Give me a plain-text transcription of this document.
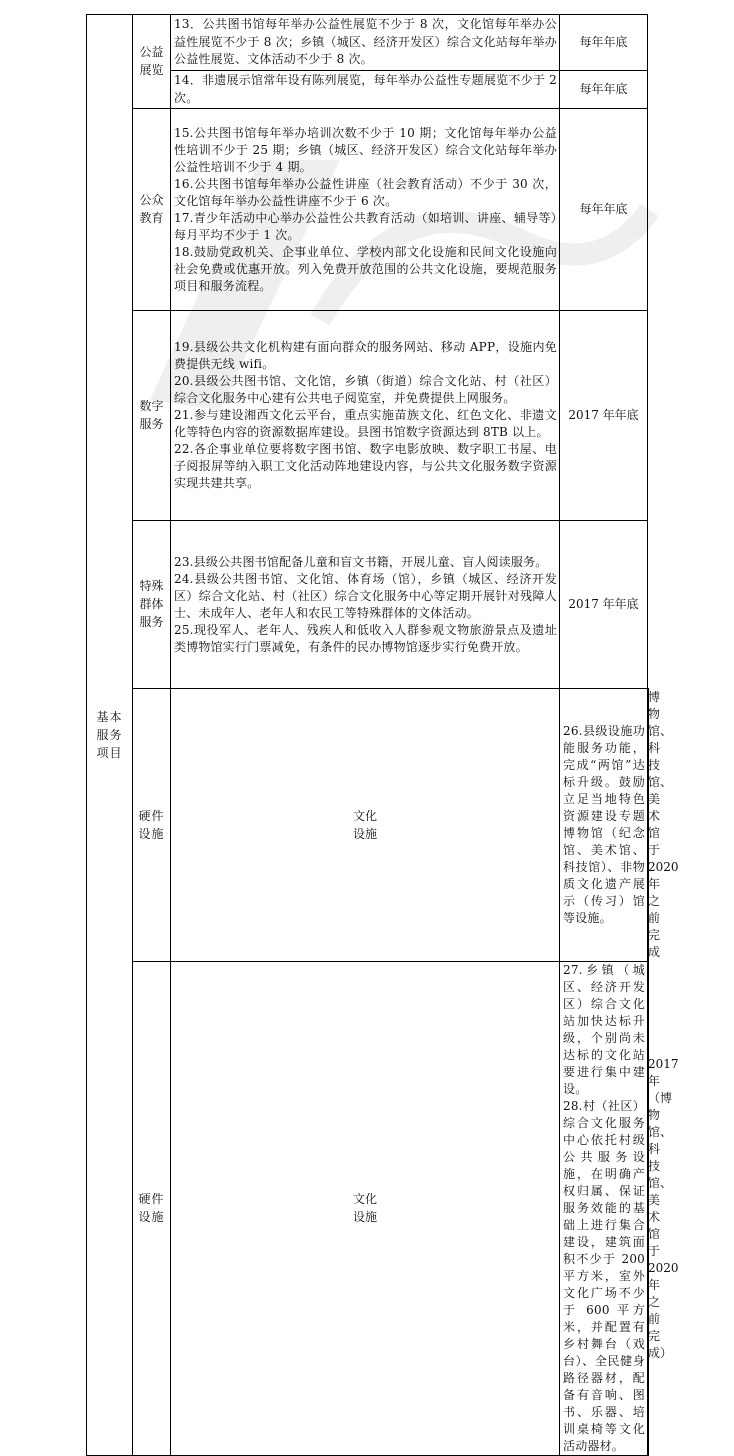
基本服务项目	公益展览	13．公共图书馆每年举办公益性展览不少于 8 次，文化馆每年举办公益性展览不少于 8 次；乡镇（城区、经济开发区）综合文化站每年举办公益性展览、文体活动不少于 8 次。	每年年底	

		14．非遗展示馆常年设有陈列展览，每年举办公益性专题展览不少于 2 次。	每年年底	
	公众教育	15.公共图书馆每年举办培训次数不少于 10 期；文化馆每年举办公益性培训不少于 25 期；乡镇（城区、经济开发区）综合文化站每年举办公益性培训不少于 4 期。
16.公共图书馆每年举办公益性讲座（社会教育活动）不少于 30 次，文化馆每年举办公益性讲座不少于 6 次。
17.青少年活动中心举办公益性公共教育活动（如培训、讲座、辅导等）每月平均不少于 1 次。
18.鼓励党政机关、企事业单位、学校内部文化设施和民间文化设施向社会免费或优惠开放。列入免费开放范围的公共文化设施，要规范服务项目和服务流程。	每年年底	
	数字服务	19.县级公共文化机构建有面向群众的服务网站、移动 APP，设施内免费提供无线 wifi。
20.县级公共图书馆、文化馆，乡镇（街道）综合文化站、村（社区）综合文化服务中心建有公共电子阅览室，并免费提供上网服务。
21.参与建设湘西文化云平台，重点实施苗族文化、红色文化、非遗文化等特色内容的资源数据库建设。县图书馆数字资源达到 8TB 以上。
22.各企事业单位要将数字图书馆、数字电影放映、数字职工书屋、电子阅报屏等纳入职工文化活动阵地建设内容，与公共文化服务数字资源实现共建共享。	2017 年年底	
	特殊群体服务	23.县级公共图书馆配备儿童和盲文书籍，开展儿童、盲人阅读服务。
24.县级公共图书馆、文化馆、体育场（馆），乡镇（城区、经济开发区）综合文化站、村（社区）综合文化服务中心等定期开展针对残障人士、未成年人、老年人和农民工等特殊群体的文体活动。
25.现役军人、老年人、残疾人和低收入人群参观文物旅游景点及遗址类博物馆实行门票减免，有条件的民办博物馆逐步实行免费开放。	2017 年年底	
	硬件设施	文化设施	26.县级设施功能服务功能，完成“两馆”达标升级。鼓励立足当地特色资源建设专题博物馆（纪念馆、美术馆、科技馆）、非物质文化遗产展示（传习）馆等设施。	博物馆、科技馆、美术馆于 2020 年之前完成
	硬件设施	文化设施	27.乡镇（城区、经济开发区）综合文化站加快达标升级，个别尚未达标的文化站要进行集中建设。
28.村（社区）综合文化服务中心依托村级公共服务设施，在明确产权归属、保证服务效能的基础上进行集合建设，建筑面积不少于 200 平方米，室外文化广场不少于 600 平方米，并配置有乡村舞台（戏台）、全民健身路径器材，配备有音响、图书、乐器、培训桌椅等文化活动器材。	2017 年（博物馆、科技馆、美术馆于 2020 年之前完成）
